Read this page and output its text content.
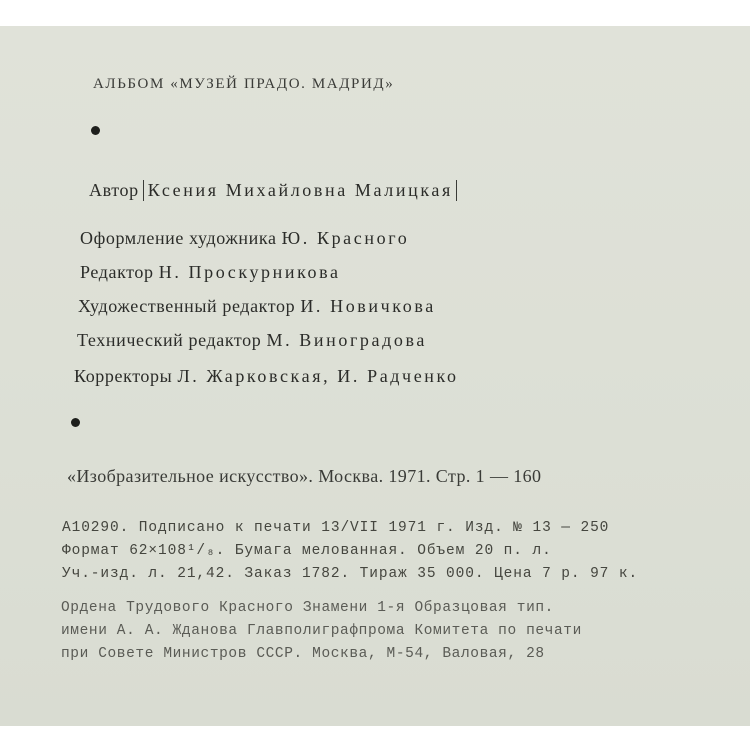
АЛЬБОМ «МУЗЕЙ ПРАДО. МАДРИД»
Автор Ксения Михайловна Малицкая
Оформление художника Ю. Красного
Редактор Н. Проскурникова
Художественный редактор И. Новичкова
Технический редактор М. Виноградова
Корректоры Л. Жарковская, И. Радченко
«Изобразительное искусство». Москва. 1971. Стр. 1 — 160
А10290. Подписано к печати 13/VII 1971 г. Изд. № 13 — 250
Формат 62×108¹/₈. Бумага мелованная. Объем 20 п. л.
Уч.-изд. л. 21,42. Заказ 1782. Тираж 35 000. Цена 7 р. 97 к.
Ордена Трудового Красного Знамени 1-я Образцовая тип.
имени А. А. Жданова Главполиграфпрома Комитета по печати
при Совете Министров СССР. Москва, М-54, Валовая, 28
